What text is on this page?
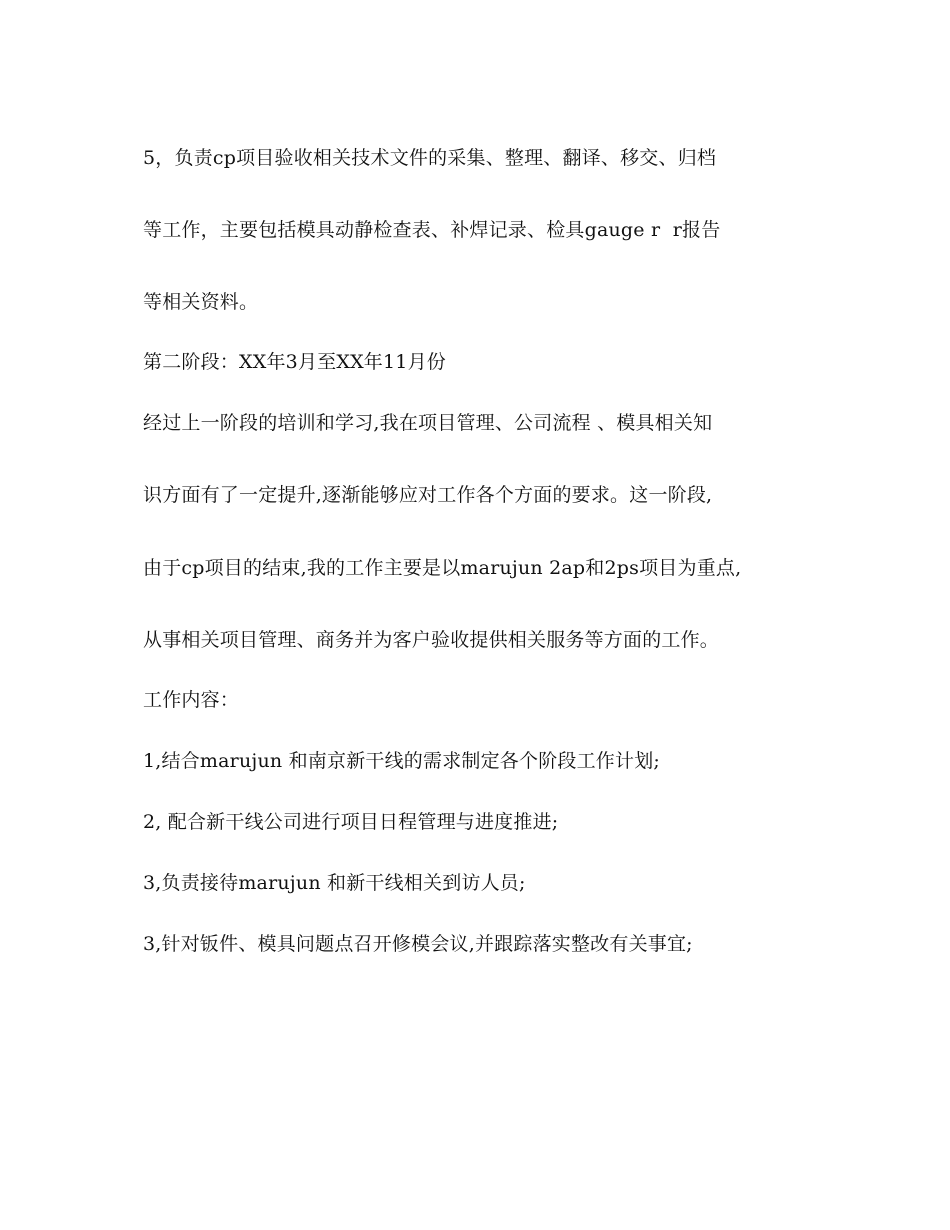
5，负责cp项目验收相关技术文件的采集、整理、翻译、移交、归档
等工作，主要包括模具动静检查表、补焊记录、检具gauge r  r报告
等相关资料。
第二阶段：XX年3月至XX年11月份
经过上一阶段的培训和学习,我在项目管理、公司流程 、模具相关知
识方面有了一定提升,逐渐能够应对工作各个方面的要求。这一阶段,
由于cp项目的结束,我的工作主要是以marujun 2ap和2ps项目为重点,
从事相关项目管理、商务并为客户验收提供相关服务等方面的工作。
工作内容：
1,结合marujun 和南京新干线的需求制定各个阶段工作计划;
2, 配合新干线公司进行项目日程管理与进度推进;
3,负责接待marujun 和新干线相关到访人员;
3,针对钣件、模具问题点召开修模会议,并跟踪落实整改有关事宜;
